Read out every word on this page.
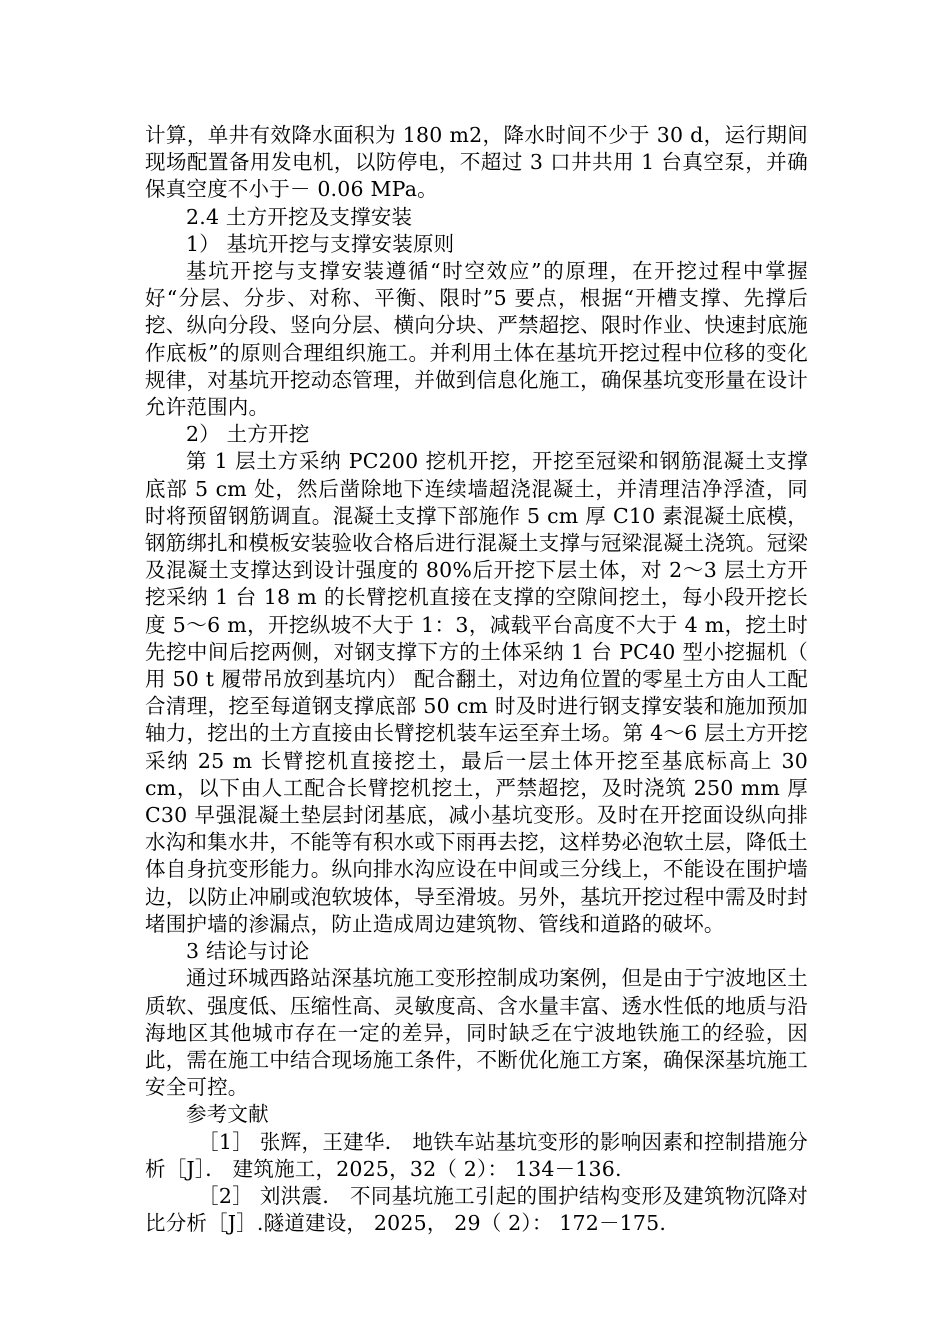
计算，单井有效降水面积为 180 m2，降水时间不少于 30 d，运行期间现场配置备用发电机，以防停电，不超过 3 口井共用 1 台真空泵，并确保真空度不小于－ 0.06 MPa。

2.4 土方开挖及支撑安装

1） 基坑开挖与支撑安装原则

基坑开挖与支撑安装遵循“时空效应”的原理，在开挖过程中掌握好“分层、分步、对称、平衡、限时”5 要点，根据“开槽支撑、先撑后挖、纵向分段、竖向分层、横向分块、严禁超挖、限时作业、快速封底施作底板”的原则合理组织施工。并利用土体在基坑开挖过程中位移的变化规律，对基坑开挖动态管理，并做到信息化施工，确保基坑变形量在设计允许范围内。

2） 土方开挖

第 1 层土方采纳 PC200 挖机开挖，开挖至冠梁和钢筋混凝土支撑底部 5 cm 处，然后凿除地下连续墙超浇混凝土，并清理洁净浮渣，同时将预留钢筋调直。混凝土支撑下部施作 5 cm 厚 C10 素混凝土底模，钢筋绑扎和模板安装验收合格后进行混凝土支撑与冠梁混凝土浇筑。冠梁及混凝土支撑达到设计强度的 80%后开挖下层土体，对 2～3 层土方开挖采纳 1 台 18 m 的长臂挖机直接在支撑的空隙间挖土，每小段开挖长度 5～6 m，开挖纵坡不大于 1：3，减载平台高度不大于 4 m，挖土时先挖中间后挖两侧，对钢支撑下方的土体采纳 1 台 PC40 型小挖掘机（ 用 50 t 履带吊放到基坑内） 配合翻土，对边角位置的零星土方由人工配合清理，挖至每道钢支撑底部 50 cm 时及时进行钢支撑安装和施加预加轴力，挖出的土方直接由长臂挖机装车运至弃土场。第 4～6 层土方开挖采纳 25 m 长臂挖机直接挖土，最后一层土体开挖至基底标高上 30 cm，以下由人工配合长臂挖机挖土，严禁超挖，及时浇筑 250 mm 厚 C30 早强混凝土垫层封闭基底，减小基坑变形。及时在开挖面设纵向排水沟和集水井，不能等有积水或下雨再去挖，这样势必泡软土层，降低土体自身抗变形能力。纵向排水沟应设在中间或三分线上，不能设在围护墙边，以防止冲刷或泡软坡体，导至滑坡。另外，基坑开挖过程中需及时封堵围护墙的渗漏点，防止造成周边建筑物、管线和道路的破坏。

3 结论与讨论

通过环城西路站深基坑施工变形控制成功案例，但是由于宁波地区土质软、强度低、压缩性高、灵敏度高、含水量丰富、透水性低的地质与沿海地区其他城市存在一定的差异，同时缺乏在宁波地铁施工的经验，因此，需在施工中结合现场施工条件，不断优化施工方案，确保深基坑施工安全可控。

参考文献

［1］ 张辉，王建华． 地铁车站基坑变形的影响因素和控制措施分析［J］． 建筑施工，2025，32（ 2）： 134－136.

［2］ 刘洪震． 不同基坑施工引起的围护结构变形及建筑物沉降对比分析［J］.隧道建设， 2025， 29（ 2）： 172－175.
